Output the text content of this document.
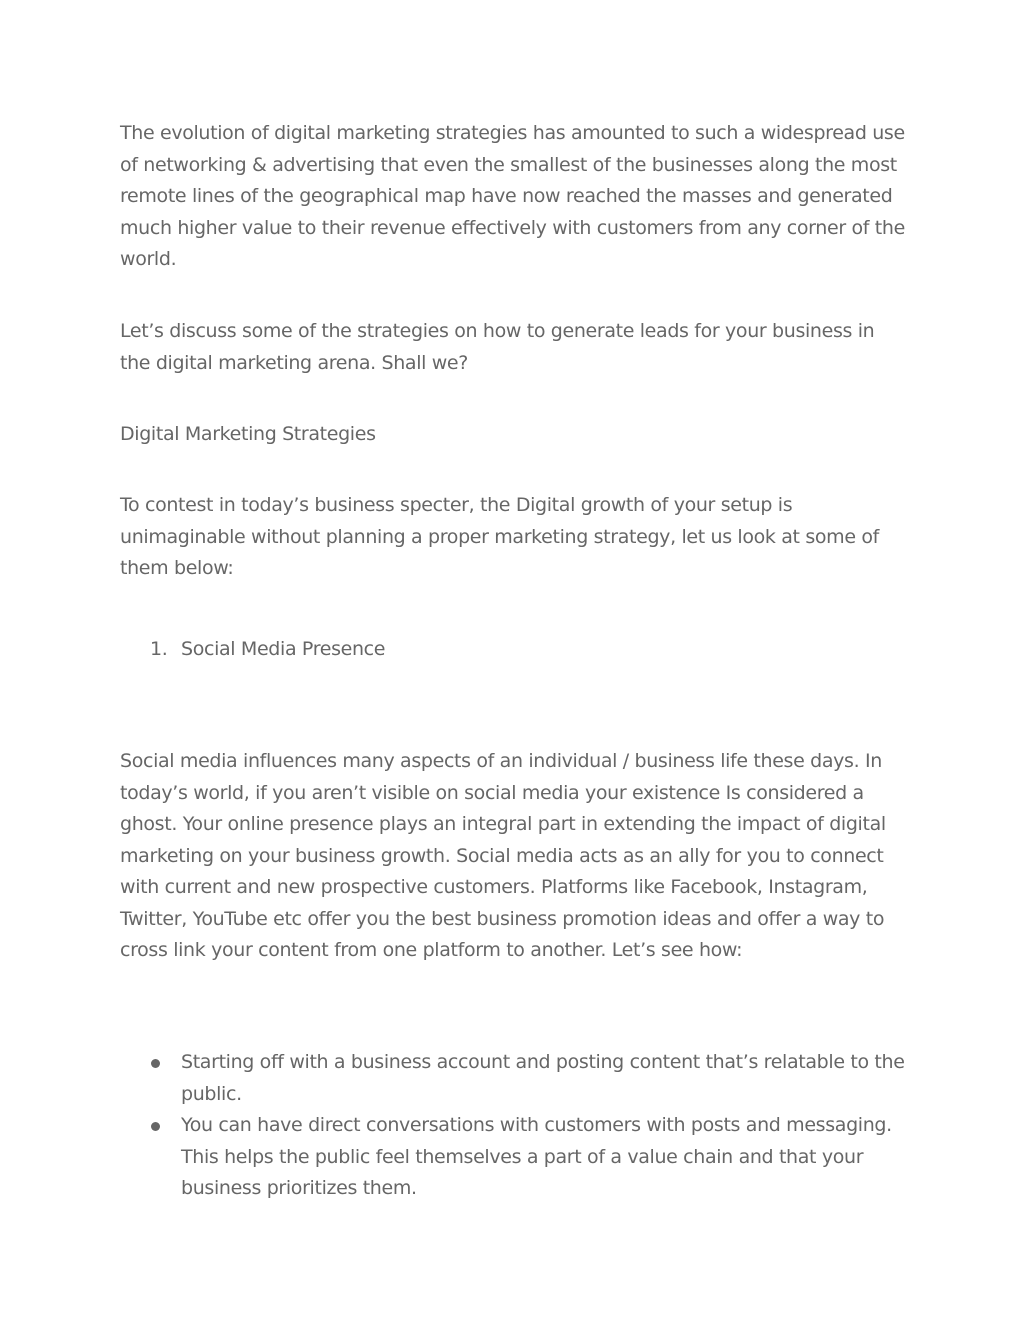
The evolution of digital marketing strategies has amounted to such a widespread use of networking & advertising that even the smallest of the businesses along the most remote lines of the geographical map have now reached the masses and generated much higher value to their revenue effectively with customers from any corner of the world.

Let’s discuss some of the strategies on how to generate leads for your business in the digital marketing arena. Shall we?

Digital Marketing Strategies

To contest in today’s business specter, the Digital growth of your setup is unimaginable without planning a proper marketing strategy, let us look at some of them below:

1. Social Media Presence

Social media influences many aspects of an individual / business life these days. In today’s world, if you aren’t visible on social media your existence Is considered a ghost. Your online presence plays an integral part in extending the impact of digital marketing on your business growth. Social media acts as an ally for you to connect with current and new prospective customers. Platforms like Facebook, Instagram, Twitter, YouTube etc offer you the best business promotion ideas and offer a way to cross link your content from one platform to another. Let’s see how:

Starting off with a business account and posting content that’s relatable to the public.
You can have direct conversations with customers with posts and messaging. This helps the public feel themselves a part of a value chain and that your business prioritizes them.
